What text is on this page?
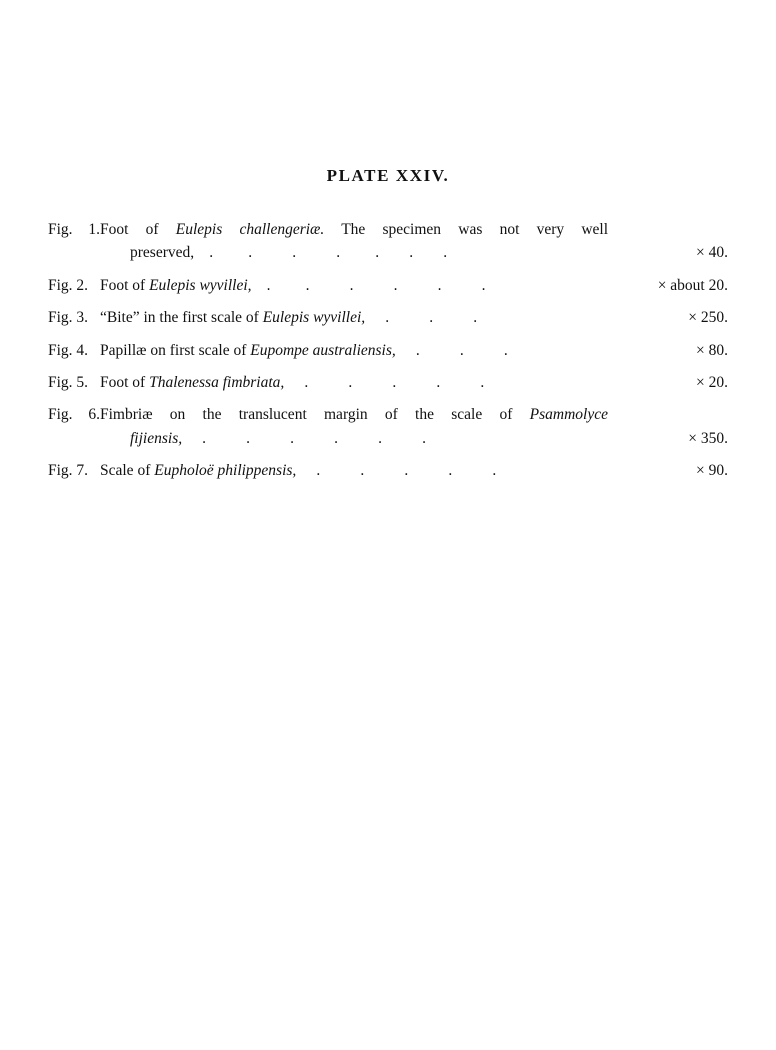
PLATE XXIV.
Fig. 1.Foot of Eulepis challengeriæ. The specimen was not very well
preserved, . .	.	. . . .	× 40.
Fig. 2. Foot of Eulepis wyvillei, . .	.	.	.	.	× about 20.
Fig. 3. “Bite” in the first scale of Eulepis wyvillei, .	.	.	× 250.
Fig. 4. Papillæ on first scale of Eupompe australiensis, .	.	.	× 80.
Fig. 5. Foot of Thalenessa fimbriata, .	.	.	.	.	× 20.
Fig. 6.Fimbriæ on the translucent margin of the scale of Psammolyce
fijiensis, .	.	.	.	.	.	× 350.
Fig. 7. Scale of Eupholoë philippensis, .	.	.	.	.	× 90.
